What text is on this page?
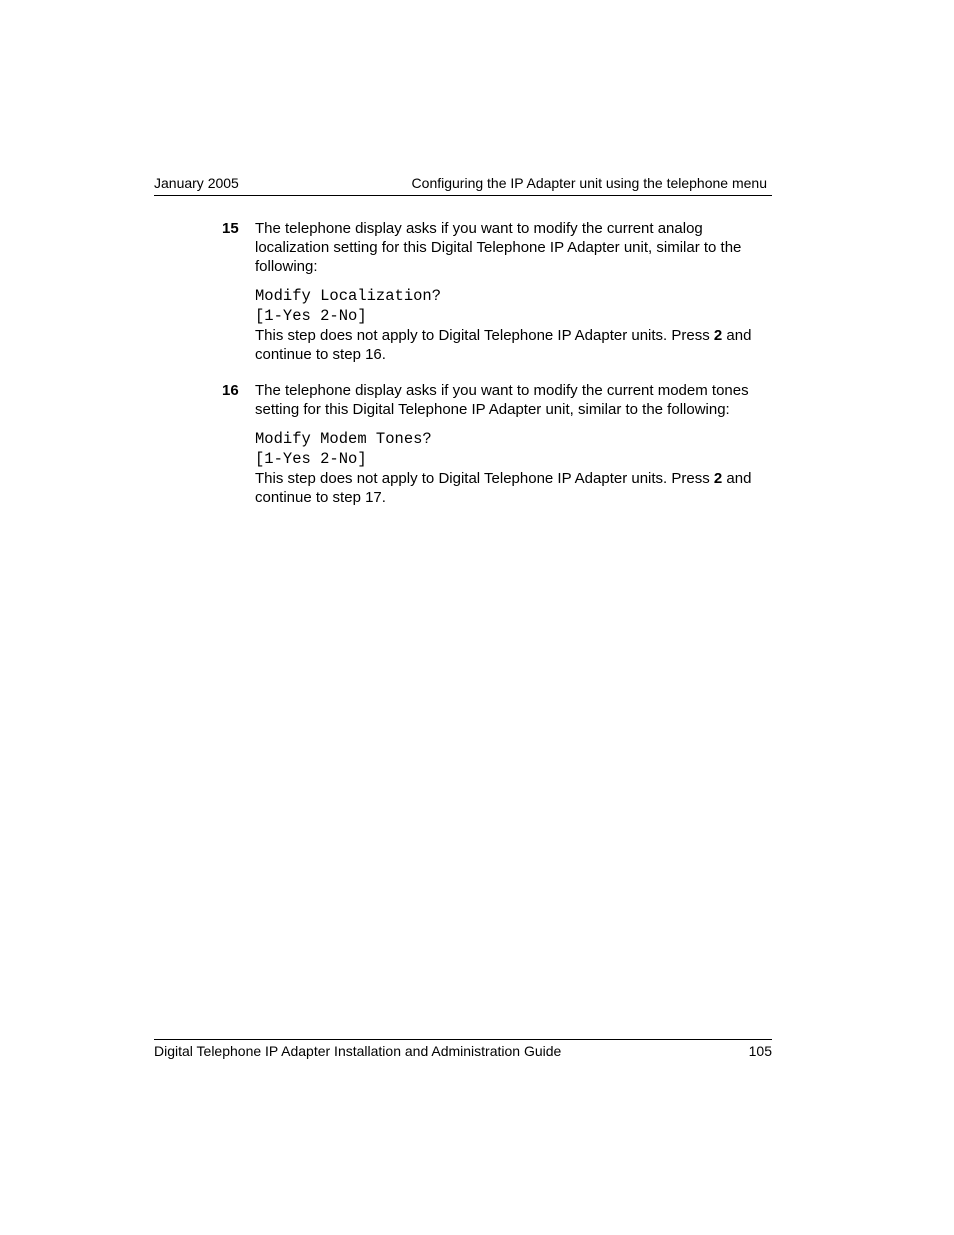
January 2005	Configuring the IP Adapter unit using the telephone menu
15 The telephone display asks if you want to modify the current analog localization setting for this Digital Telephone IP Adapter unit, similar to the following:

Modify Localization?
[1-Yes 2-No]

This step does not apply to Digital Telephone IP Adapter units. Press 2 and continue to step 16.

16 The telephone display asks if you want to modify the current modem tones setting for this Digital Telephone IP Adapter unit, similar to the following:

Modify Modem Tones?
[1-Yes 2-No]

This step does not apply to Digital Telephone IP Adapter units. Press 2 and continue to step 17.

Digital Telephone IP Adapter Installation and Administration Guide	105
